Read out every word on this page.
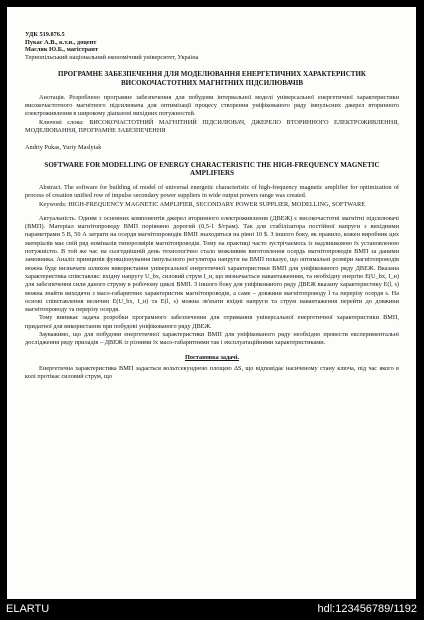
УДК 519.876.5
Пукас А.В., к.т.н., доцент
Масляк Ю.Б., магістрант
Тернопільський національний економічний університет, Україна
ПРОГРАМНЕ ЗАБЕЗПЕЧЕННЯ ДЛЯ МОДЕЛЮВАННЯ ЕНЕРГЕТИЧНИХ ХАРАКТЕРИСТИК ВИСОКОЧАСТОТНИХ МАГНІТНИХ ПІДСИЛЮВАЧІВ
Анотація. Розроблено програмне забезпечення для побудови інтервальної моделі універсальної енергетичної характеристики високочастотного магнітного підсилювача для оптимізації процесу створення уніфікованого ряду імпульсних джерел вторинного електроживлення в широкому діапазоні вихідних потужностей.
Ключові слова: ВИСОКОЧАСТОТНИЙ МАГНІТНИЙ ПІДСИЛЮВАЧ, ДЖЕРЕЛО ВТОРИННОГО ЕЛЕКТРОЖИВЛЕННЯ, МОДЕЛЮВАННЯ, ПРОГРАМНЕ ЗАБЕЗПЕЧЕННЯ
Andriy Pukas, Yuriy Maslyiak
SOFTWARE FOR MODELLING OF ENERGY CHARACTERISTIC THE HIGH-FREQUENCY MAGNETIC AMPLIFIERS
Abstract. The software for building of model of universal energetic characteristic of high-frequency magnetic amplifier for optimization of process of creation unified row of impulse secondary power suppliers in wide output powers range was created.
Keywords: HIGH-FREQUENCY MAGNETIC AMPLIFIER, SECONDARY POWER SUPPLIER, MODELLING, SOFTWARE
Актуальність. Одним з основних компонентів джерел вторинного електроживлення (ДВЕЖ) є високочастотні магнітні підсилювачі (ВМП). Матеріал магнітопроводу ВМП порівняно дорогий (0,5-1 $/грам). Так для стабілізатора постійної напруги з вихідними параметрами 5 В, 50 А затрати на осердя магнітопроводів ВМП знаходяться на рівні 10 $. З іншого боку, як правило, кожен виробник цих матеріалів має свій ряд номіналів типорозмірів магнітопроводів. Тому на практиці часто зустрічаємось із надлишковою їх установленою потужністю. В той же час на сьогоднішній день технологічно стало можливим виготовлення осердь магнітопроводів ВМП за даними замовника. Аналіз принципів функціонування імпульсного регулятора напруги на ВМП показує, що оптимальні розміри магнітопроводів можна буде визначати шляхом використання універсальної енергетичної характеристики ВМП для уніфікованого ряду ДВЕЖ. Вказана характеристика співставляє: вхідну напругу U_bx, силовий струм I_н, що визначається навантаженням, та необхідну енергію E(U_bx, I_н) для забезпечення сили даного струму в робочому циклі ВМП. З іншого боку для уніфікованого ряду ДВЕЖ вказану характеристику E(l, s) можна знайти виходячи з масо-габаритних характеристик магнітопроводів, а саме – довжини магнітопроводу l та перерізу осердя s. На основі співставлення величин E(U_bx, I_н) та E(l, s) можна зв'язати вхідні напруги та струм навантаження перейти до довжини магнітопроводу та перерізу осердя.
Тому виникає задача розробки програмного забезпечення для отримання універсальної енергетичної характеристики ВМП, придатної для використання при побудові уніфікованого ряду ДВЕЖ.
Зауважимо, що для побудови енергетичної характеристики ВМП для уніфікованого ряду необхідно провести експериментальні дослідження ряду приладів – ДВЕЖ із різними їх масо-габаритними так і експлуатаційними характеристиками.
Постановка задачі.
Енергетична характеристика ВМП задається вольтсекундною площею ΔS, що відповідає насиченому стану ключа, під час якого в колі протікає силовий струм, що
ELARTU	hdl:123456789/1192
